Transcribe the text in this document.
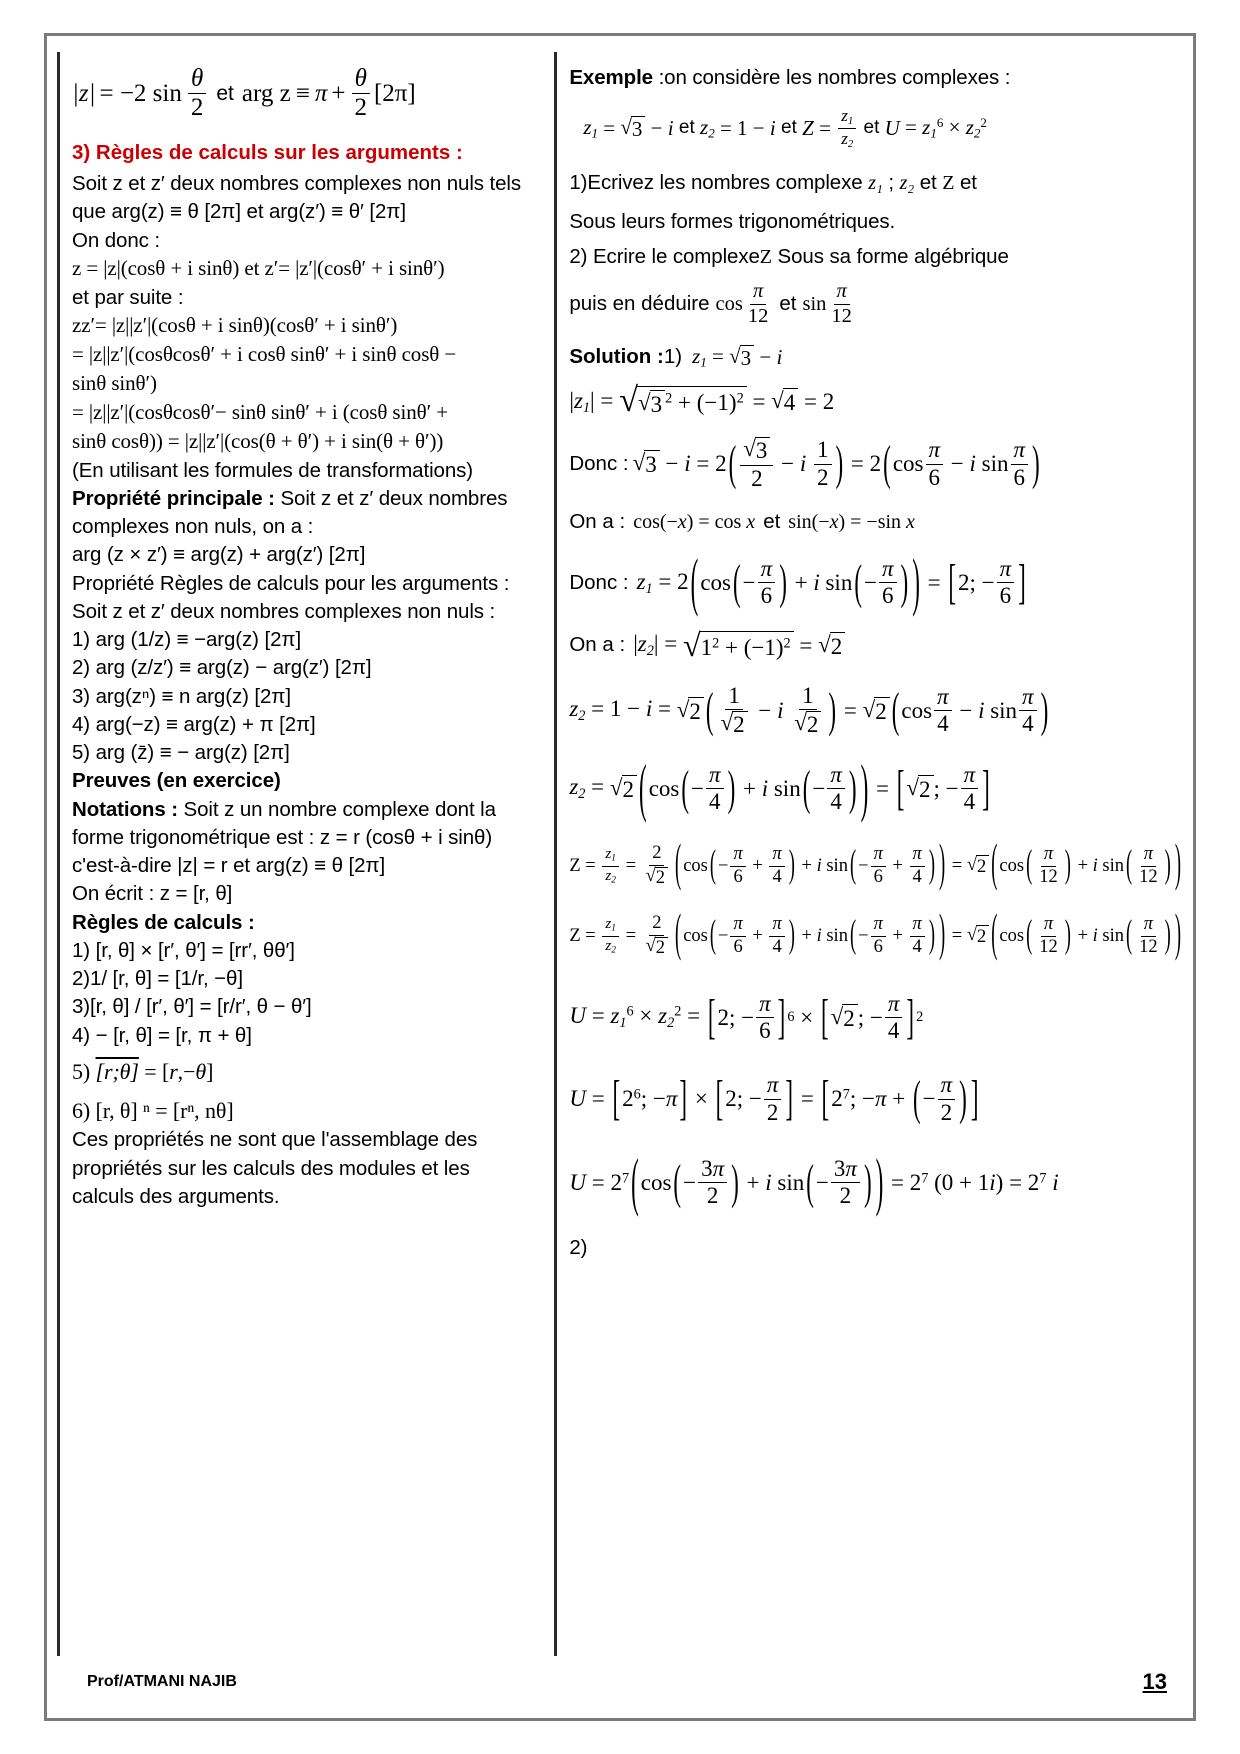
|z| = −2 $\sin \frac{\theta}{2}$ et arg $z \equiv \pi + \frac{\theta}{2} [2\pi]$
3) Règles de calculs sur les arguments :
Soit z et z′ deux nombres complexes non nuls tels
que arg(z) ≡ θ [2π] et arg(z′) ≡ θ′ [2π]
On donc :
z = |z|(cosθ + i sinθ) et z′= |z′|(cosθ′ + i sinθ′)
et par suite :
zz′= |z||z′|(cosθ + i sinθ)(cosθ′ + i sinθ′)
= |z||z′|(cosθcosθ′ + i cosθ sinθ′ + i sinθ cosθ −
sinθ sinθ′)
= |z||z′|(cosθcosθ′− sinθ sinθ′ + i (cosθ sinθ′ +
sinθ cosθ)) = |z||z′|(cos(θ + θ′) + i sin(θ + θ′))
(En utilisant les formules de transformations)
Propriété principale : Soit z et z′ deux nombres
complexes non nuls, on a :
arg (z × z′) ≡ arg(z) + arg(z′) [2π]
Propriété Règles de calculs pour les arguments :
Soit z et z′ deux nombres complexes non nuls :
1) arg (1/z) ≡ −arg(z) [2π]
2) arg (z/z′) ≡ arg(z) − arg(z′) [2π]
3) arg(zⁿ) ≡ n arg(z) [2π]
4) arg(−z) ≡ arg(z) + π [2π]
5) arg (z̄) ≡ − arg(z) [2π]
Preuves (en exercice)
Notations : Soit z un nombre complexe dont la
forme trigonométrique est : z = r (cosθ + i sinθ)
c'est-à-dire |z| = r et arg(z) ≡ θ [2π]
On écrit : z = [r, θ]
Règles de calculs :
1) [r, θ] × [r′, θ′] = [rr′, θθ′]
2)1/ [r, θ] = [1/r, −θ]
3)[r, θ] / [r′, θ′] = [r/r′, θ − θ′]
4) − [r, θ] = [r, π + θ]
5) [r;θ] = [r,−θ]
6) [r, θ] ⁿ = [rⁿ, nθ]
Ces propriétés ne sont que l'assemblage des
propriétés sur les calculs des modules et les
calculs des arguments.
Exemple :on considère les nombres complexes :
$z_1$ = √ 3 − i et $z_2 = 1 - i$ et $Z = \frac{z_1}{z_2}$ et $U = z_1^6 \times z_2^2$
1)Ecrivez les nombres complexe z₁ ; z₂ et Z et
Sous leurs formes trigonométriques.
2) Ecrire le complexeZ Sous sa forme algébrique
puis en déduire $\cos \frac{\pi}{12}$ et $\sin \frac{\pi}{12}$
Solution : 1) $z_1$ = √ 3 − i
$|z_1|$ = √ √ 3 $^2 + (-1)^2$ = √ 4 = 2
Donc : √ 3 − i = 2 ( $\frac{√ 3}{2} - i \frac{1}{2}$ ) = 2 ( $\cos \frac{\pi}{6} - i$ $\sin \frac{\pi}{6}$ )
On a : cos(−x) = cos x et sin(−x) = −sin x
Donc : $z_1 = 2$ ( cos ( − $\frac{\pi}{6}$ ) + i sin ( − $\frac{\pi}{6}$ ) ) = [ 2; − $\frac{\pi}{6}$ ]
On a : $|z_2|$ = √ $1^2 + (-1)^2$ = √ 2
$z_2 = 1 - i$ = √ 2 ( $\frac{1}{√ 2} - i \frac{1}{√ 2}$ ) = √ 2 ( $\cos \frac{\pi}{4} - i$ $\sin \frac{\pi}{4}$ )
$z_2$ = √ 2 ( cos ( − $\frac{\pi}{4}$ ) + i sin ( − $\frac{\pi}{4}$ ) ) = [ √ 2 ; − $\frac{\pi}{4}$ ]
$Z = \frac{z_1}{z_2} = \frac{2}{√ 2}$ ( cos ( − $\frac{\pi}{6} + \frac{\pi}{4}$ ) + i sin ( − $\frac{\pi}{6} + \frac{\pi}{4}$ ) ) = √ 2 ( cos ( $\frac{\pi}{12}$ ) + i sin ( $\frac{\pi}{12}$ ) )
$Z = \frac{z_1}{z_2} = \frac{2}{√ 2}$ ( cos ( − $\frac{\pi}{6} + \frac{\pi}{4}$ ) + i sin ( − $\frac{\pi}{6} + \frac{\pi}{4}$ ) ) = √ 2 ( cos ( $\frac{\pi}{12}$ ) + i sin ( $\frac{\pi}{12}$ ) )
$U = z_1^6 \times z_2^2$ = [ 2; − $\frac{\pi}{6}$ ] 6 × [ √ 2 ; − $\frac{\pi}{4}$ ] 2
U = [ $2^6$; −π ] × [ 2; − $\frac{\pi}{2}$ ] = [ $2^7$; −π + ( − $\frac{\pi}{2}$ ) ]
$U = 2^7$ ( cos ( − $\frac{3\pi}{2}$ ) + i sin ( − $\frac{3\pi}{2}$ ) ) = $2^7$ $(0 + 1i) = 2^7$ i
2)
Prof/ATMANI NAJIB	13
